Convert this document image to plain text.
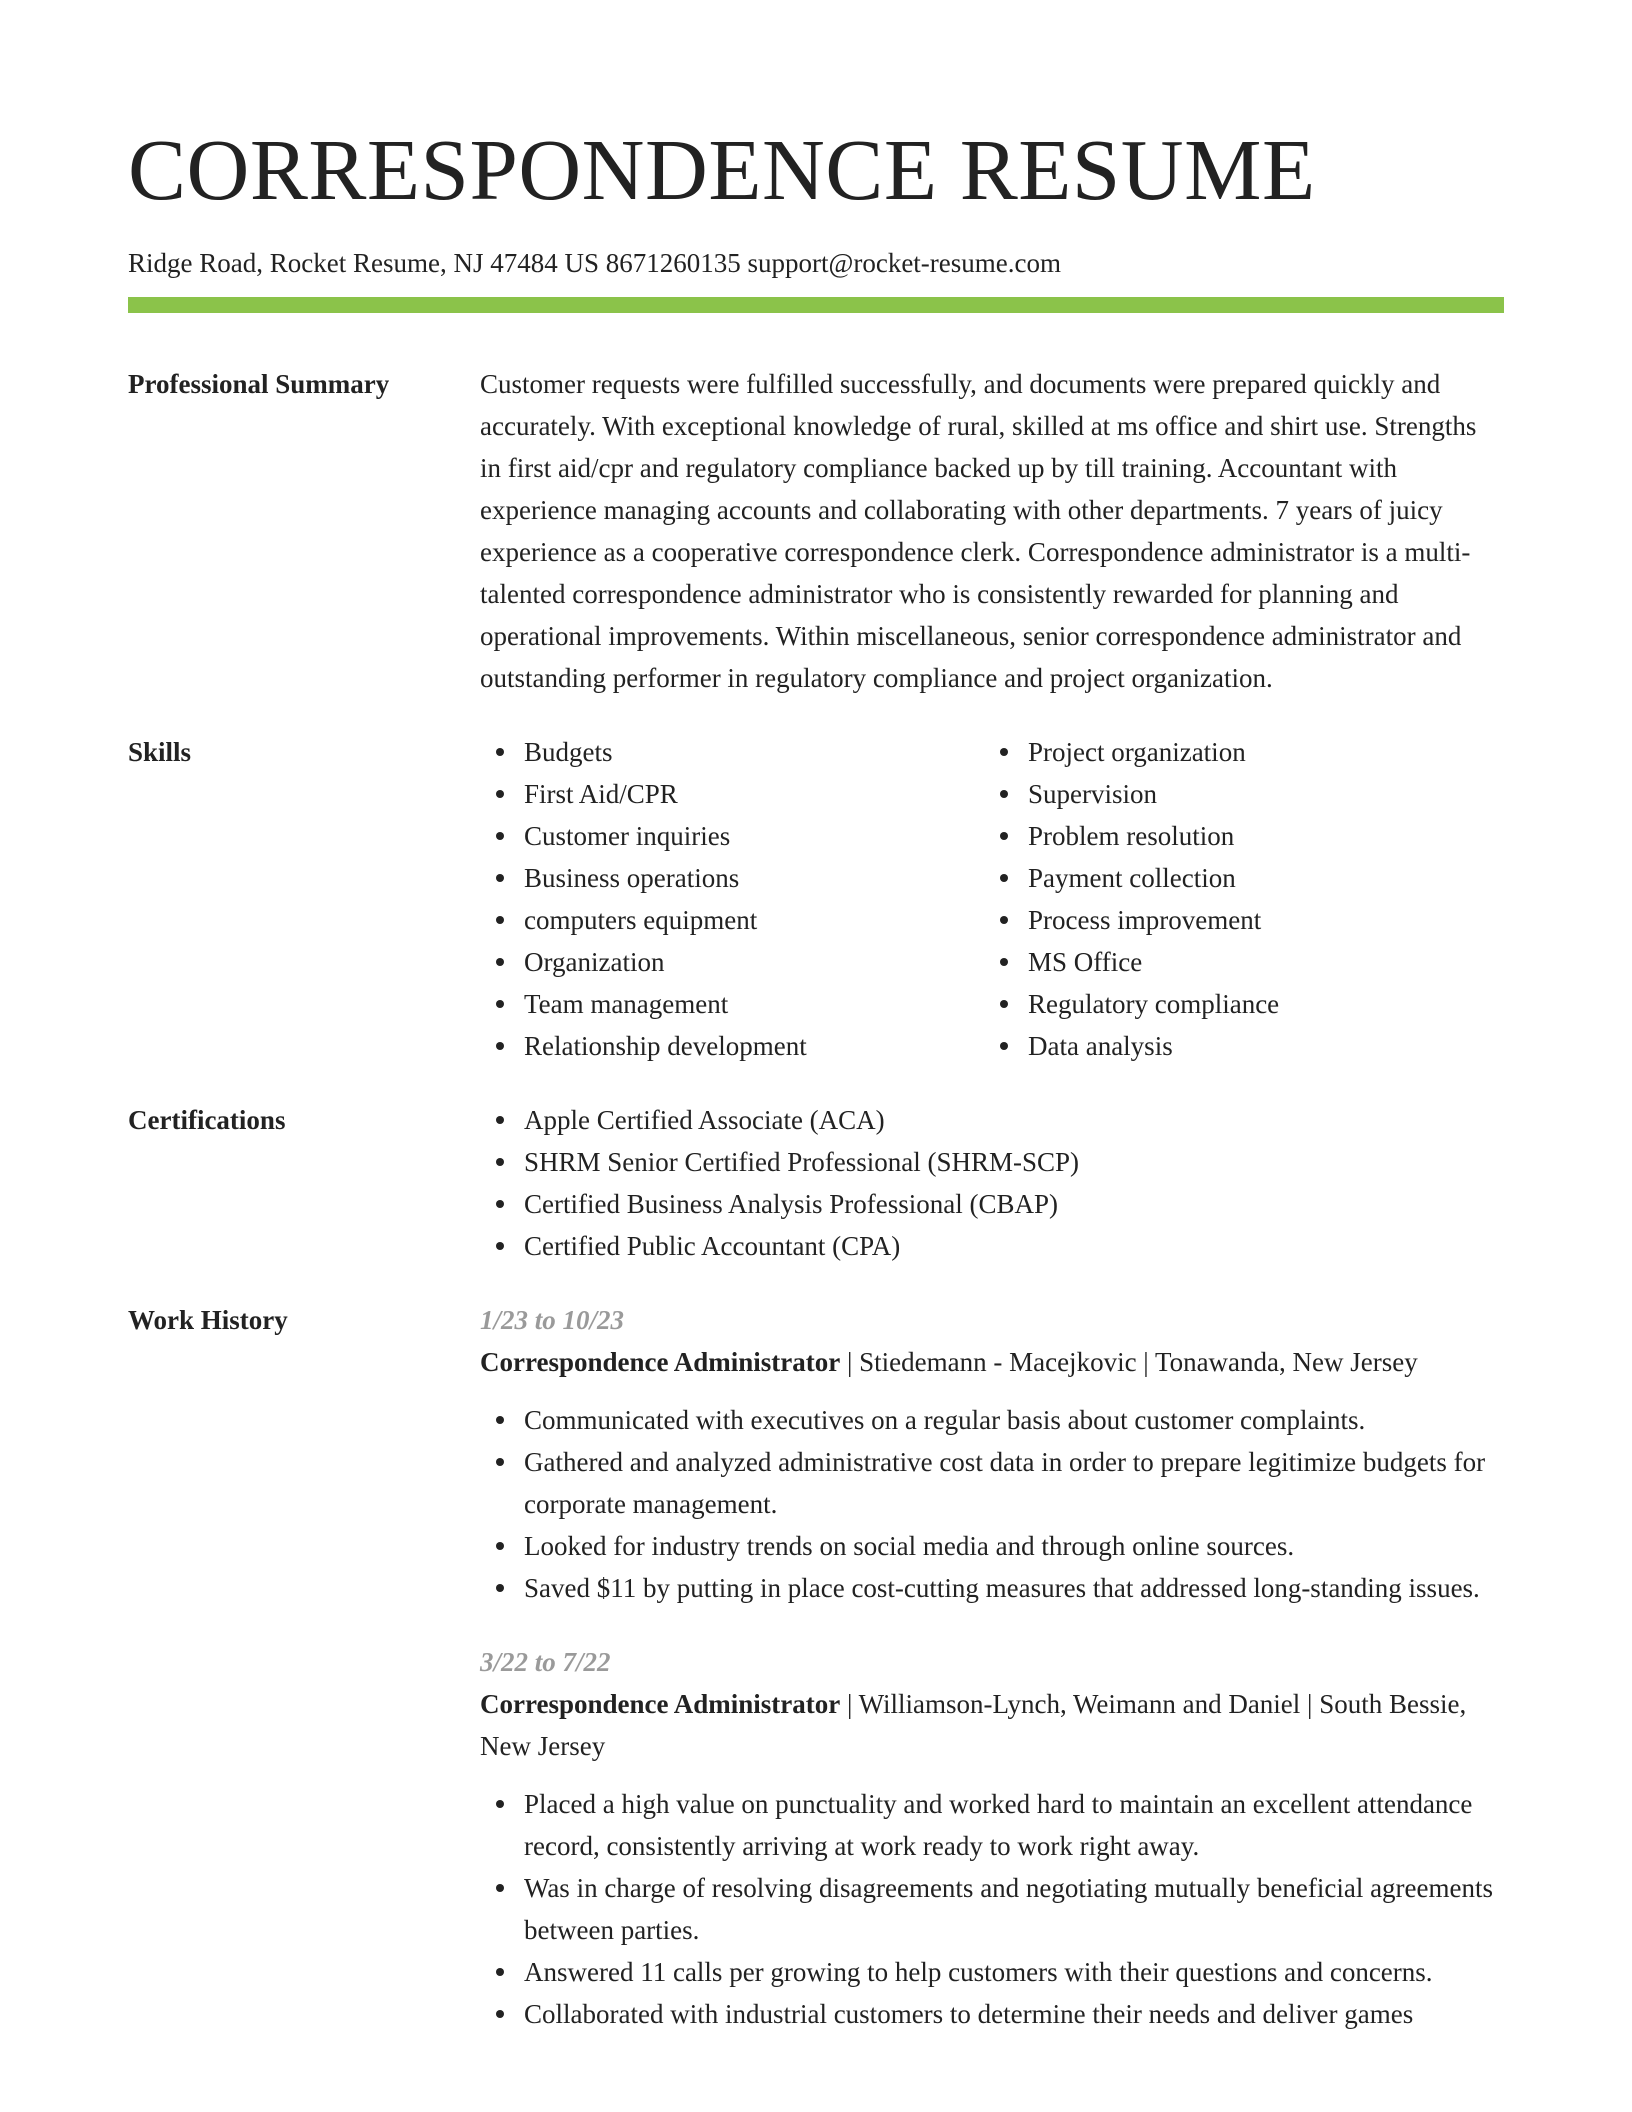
CORRESPONDENCE RESUME
Ridge Road, Rocket Resume, NJ 47484 US 8671260135 support@rocket-resume.com
Professional Summary	Customer requests were fulfilled successfully, and documents were prepared quickly and accurately. With exceptional knowledge of rural, skilled at ms office and shirt use. Strengths in first aid/cpr and regulatory compliance backed up by till training. Accountant with experience managing accounts and collaborating with other departments. 7 years of juicy experience as a cooperative correspondence clerk. Correspondence administrator is a multi-talented correspondence administrator who is consistently rewarded for planning and operational improvements. Within miscellaneous, senior correspondence administrator and outstanding performer in regulatory compliance and project organization.
Skills	Budgets
First Aid/CPR
Customer inquiries
Business operations
computers equipment
Organization
Team management
Relationship development
Project organization
Supervision
Problem resolution
Payment collection
Process improvement
MS Office
Regulatory compliance
Data analysis
Certifications	Apple Certified Associate (ACA)
SHRM Senior Certified Professional (SHRM-SCP)
Certified Business Analysis Professional (CBAP)
Certified Public Accountant (CPA)
Work History	1/23 to 10/23
Correspondence Administrator | Stiedemann - Macejkovic | Tonawanda, New Jersey
Communicated with executives on a regular basis about customer complaints.
Gathered and analyzed administrative cost data in order to prepare legitimize budgets for corporate management.
Looked for industry trends on social media and through online sources.
Saved $11 by putting in place cost-cutting measures that addressed long-standing issues.
3/22 to 7/22
Correspondence Administrator | Williamson-Lynch, Weimann and Daniel | South Bessie, New Jersey
Placed a high value on punctuality and worked hard to maintain an excellent attendance record, consistently arriving at work ready to work right away.
Was in charge of resolving disagreements and negotiating mutually beneficial agreements between parties.
Answered 11 calls per growing to help customers with their questions and concerns.
Collaborated with industrial customers to determine their needs and deliver games
